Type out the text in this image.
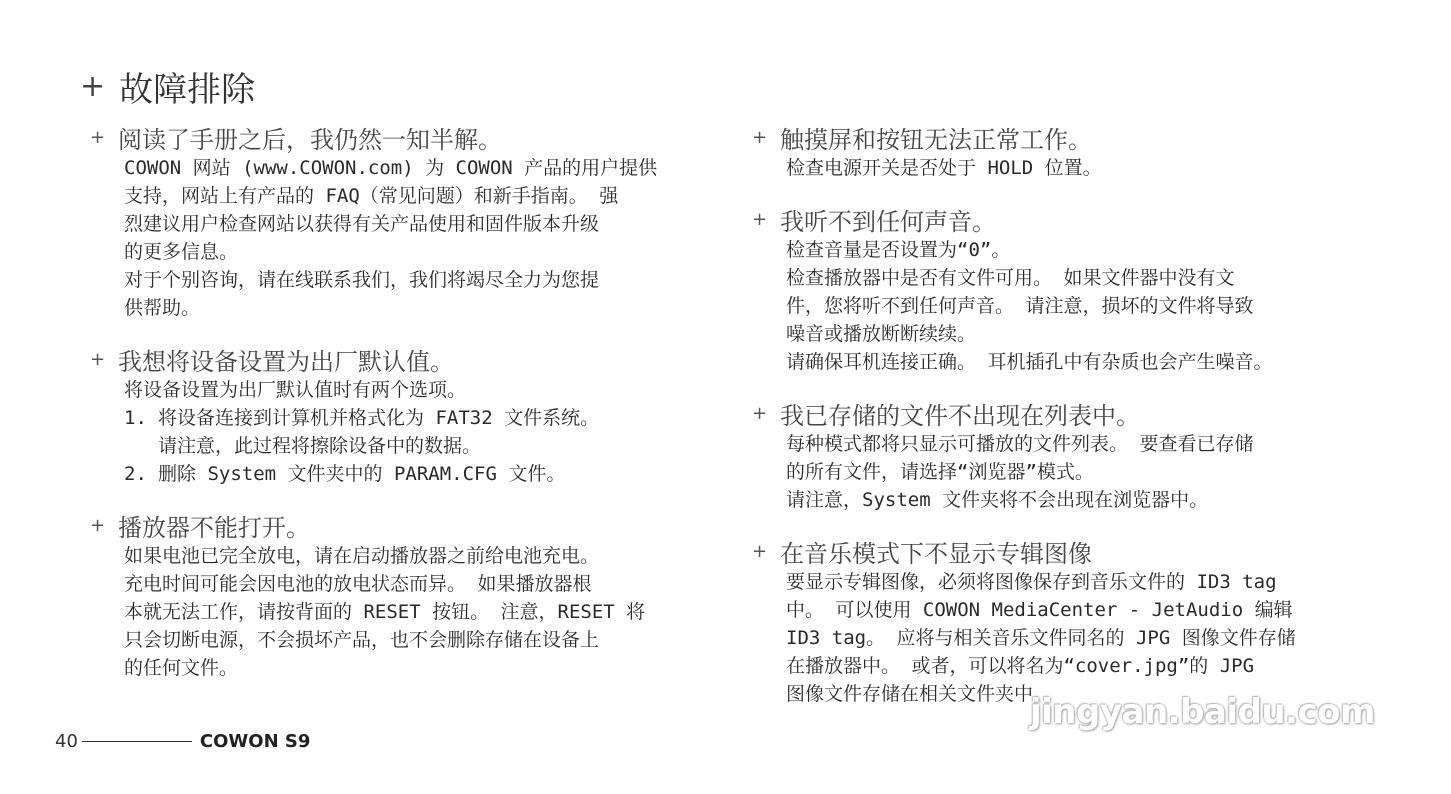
+ 故障排除
+ 阅读了手册之后，我仍然一知半解。

COWON 网站 (www.COWON.com) 为 COWON 产品的用户提供

支持，网站上有产品的 FAQ（常见问题）和新手指南。 强

烈建议用户检查网站以获得有关产品使用和固件版本升级

的更多信息。

对于个别咨询，请在线联系我们，我们将竭尽全力为您提

供帮助。

+ 我想将设备设置为出厂默认值。

将设备设置为出厂默认值时有两个选项。

1. 将设备连接到计算机并格式化为 FAT32 文件系统。

请注意，此过程将擦除设备中的数据。

2. 删除 System 文件夹中的 PARAM.CFG 文件。

+ 播放器不能打开。

如果电池已完全放电，请在启动播放器之前给电池充电。

充电时间可能会因电池的放电状态而异。 如果播放器根

本就无法工作，请按背面的 RESET 按钮。 注意，RESET 将

只会切断电源，不会损坏产品，也不会删除存储在设备上

的任何文件。

+ 触摸屏和按钮无法正常工作。

检查电源开关是否处于 HOLD 位置。

+ 我听不到任何声音。

检查音量是否设置为“0”。

检查播放器中是否有文件可用。 如果文件器中没有文

件，您将听不到任何声音。 请注意，损坏的文件将导致

噪音或播放断断续续。

请确保耳机连接正确。 耳机插孔中有杂质也会产生噪音。

+ 我已存储的文件不出现在列表中。

每种模式都将只显示可播放的文件列表。 要查看已存储

的所有文件，请选择“浏览器”模式。

请注意，System 文件夹将不会出现在浏览器中。

+ 在音乐模式下不显示专辑图像

要显示专辑图像，必须将图像保存到音乐文件的 ID3 tag

中。 可以使用 COWON MediaCenter - JetAudio 编辑

ID3 tag。 应将与相关音乐文件同名的 JPG 图像文件存储

在播放器中。 或者，可以将名为“cover.jpg”的 JPG

图像文件存储在相关文件夹中。

40	COWON S9
jingyan.baidu.com
